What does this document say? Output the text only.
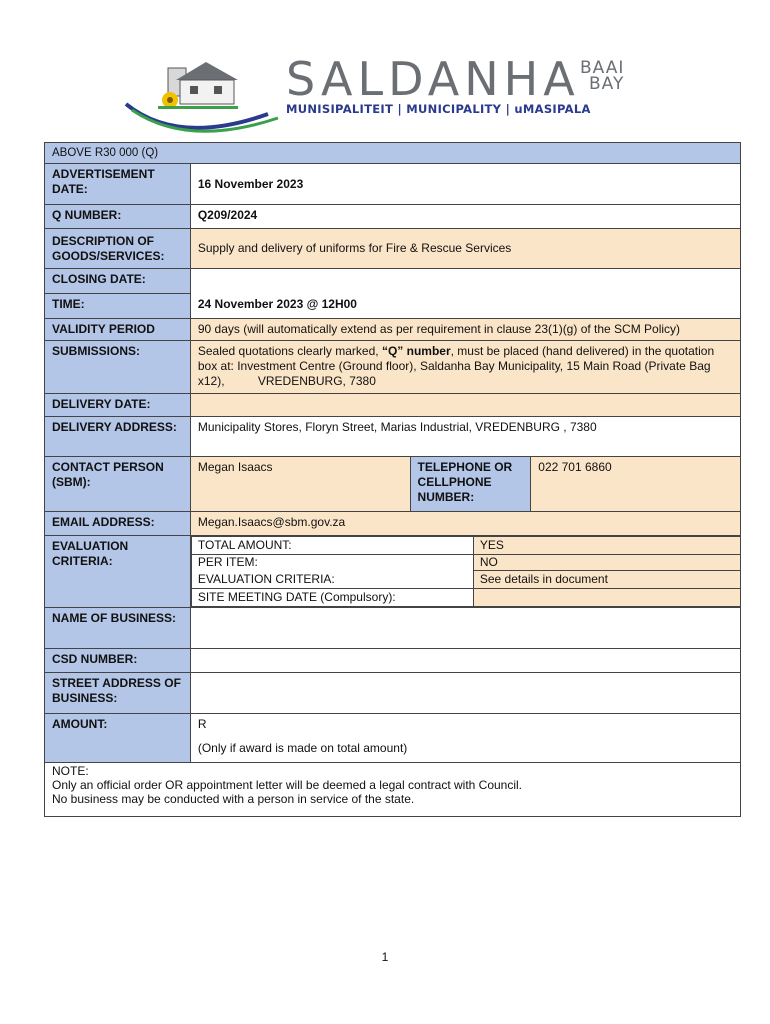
SALDANHA BAAI
BAY
MUNISIPALITEIT | MUNICIPALITY | uMASIPALA
ABOVE R30 000 (Q)
ADVERTISEMENT DATE:	16 November 2023
Q NUMBER:	Q209/2024
DESCRIPTION OF GOODS/SERVICES:	Supply and delivery of uniforms for Fire & Rescue Services
CLOSING DATE:	
TIME:	24 November 2023 @ 12H00
VALIDITY PERIOD	90 days (will automatically extend as per requirement in clause 23(1)(g) of the SCM Policy)
SUBMISSIONS:	Sealed quotations clearly marked, “Q” number, must be placed (hand delivered) in the quotation box at: Investment Centre (Ground floor), Saldanha Bay Municipality, 15 Main Road (Private Bag x12),          VREDENBURG, 7380
DELIVERY DATE:	
DELIVERY ADDRESS:	Municipality Stores, Floryn Street, Marias Industrial, VREDENBURG , 7380
CONTACT PERSON (SBM):	Megan Isaacs	TELEPHONE OR CELLPHONE NUMBER:	022 701 6860
EMAIL ADDRESS:	Megan.Isaacs@sbm.gov.za
EVALUATION CRITERIA:	
TOTAL AMOUNT:	YES
PER ITEM:	NO
EVALUATION CRITERIA:	See details in document
SITE MEETING DATE (Compulsory):	

NAME OF BUSINESS:	
CSD NUMBER:	
STREET ADDRESS OF BUSINESS:	
AMOUNT:	R
(Only if award is made on total amount)

NOTE:
Only an official order OR appointment letter will be deemed a legal contract with Council.
No business may be conducted with a person in service of the state.
1
